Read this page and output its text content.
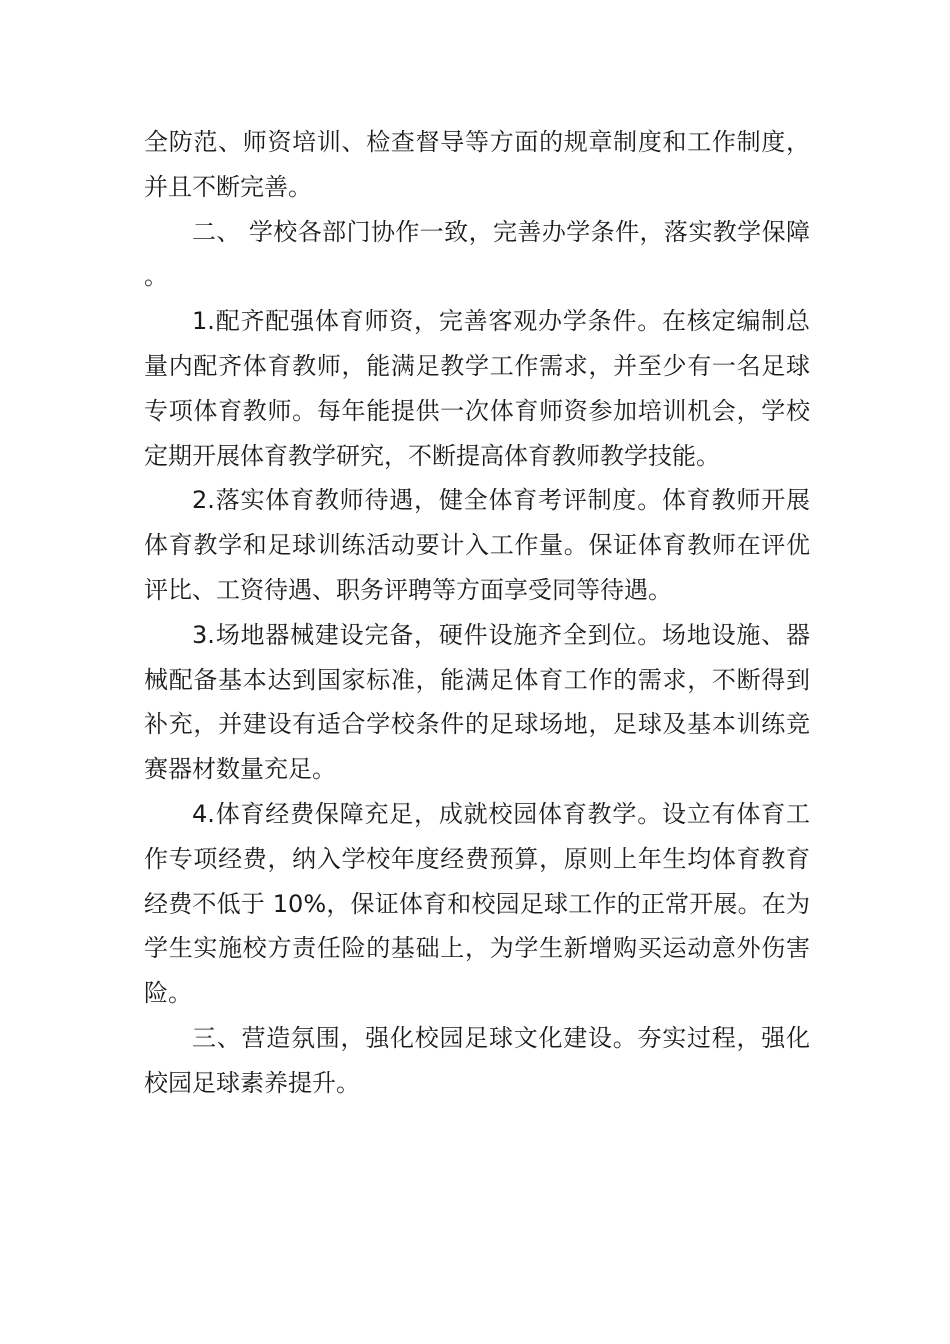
全防范、师资培训、检查督导等方面的规章制度和工作制度，并且不断完善。

二、 学校各部门协作一致，完善办学条件，落实教学保障。

1.配齐配强体育师资，完善客观办学条件。在核定编制总量内配齐体育教师，能满足教学工作需求，并至少有一名足球专项体育教师。每年能提供一次体育师资参加培训机会，学校定期开展体育教学研究，不断提高体育教师教学技能。

2.落实体育教师待遇，健全体育考评制度。体育教师开展体育教学和足球训练活动要计入工作量。保证体育教师在评优评比、工资待遇、职务评聘等方面享受同等待遇。

3.场地器械建设完备，硬件设施齐全到位。场地设施、器械配备基本达到国家标准，能满足体育工作的需求，不断得到补充，并建设有适合学校条件的足球场地，足球及基本训练竞赛器材数量充足。

4.体育经费保障充足，成就校园体育教学。设立有体育工作专项经费，纳入学校年度经费预算，原则上年生均体育教育经费不低于 10%，保证体育和校园足球工作的正常开展。在为学生实施校方责任险的基础上，为学生新增购买运动意外伤害险。

三、营造氛围，强化校园足球文化建设。夯实过程，强化校园足球素养提升。
